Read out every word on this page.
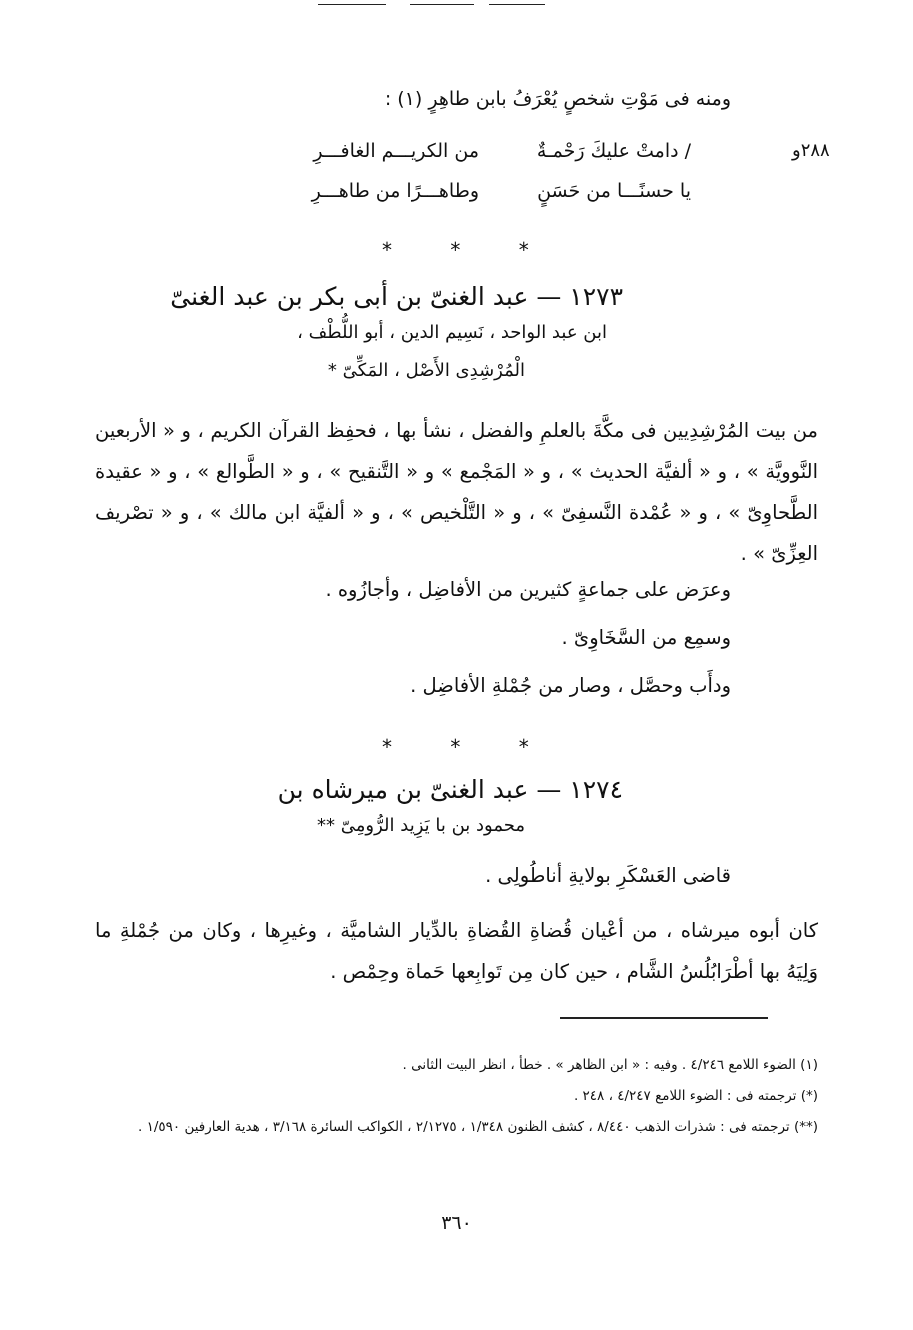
ومنه فى مَوْتِ شخصٍ يُعْرَفُ بابن طاهِرٍ (١) :
٢٨٨و
/ دامتْ عليكَ رَحْمـةٌ
من الكريـــم الغافـــرِ
يا حسنًـــا من حَسَنٍ
وطاهـــرًا من طاهـــرِ
* * *
١٢٧٣ — عبد الغنىّ بن أبى بكر بن عبد الغنىّ
ابن عبد الواحد ، نَسِيم الدين ، أبو اللُّطْف ،
الْمُرْشِدِى الأَصْل ، المَكِّىّ *
من بيت المُرْشِدِيين فى مكَّةَ بالعلمِ والفضل ، نشأ بها ، فحفِظ القرآن الكريم ، و « الأربعين النَّوويَّة » ، و « ألفيَّة الحديث » ، و « المَجْمع » و « التَّنقيح » ، و « الطَّوالع » ، و « عقيدة الطَّحاوِىّ » ، و « عُمْدة النَّسفِىّ » ، و « التَّلْخيص » ، و « ألفيَّة ابن مالك » ، و « تصْريف العِزِّىّ » .
وعرَض على جماعةٍ كثيرين من الأفاضِل ، وأجازُوه .
وسمِع من السَّخَاوِىّ .
ودأَب وحصَّل ، وصار من جُمْلةِ الأفاضِل .
* * *
١٢٧٤ — عبد الغنىّ بن ميرشاه بن
محمود بن با يَزِيد الرُّومِىّ **
قاضى العَسْكَرِ بولايةِ أناطُولِى .
كان أبوه ميرشاه ، من أعْيان قُضاةِ القُضاةِ بالدِّيار الشاميَّة ، وغيرِها ، وكان من جُمْلةِ ما وَلِيَهُ بها أطْرَابُلُسُ الشَّام ، حين كان مِن تَوابِعها حَماة وحِمْص .
(١) الضوء اللامع ٤/٢٤٦ . وفيه : « ابن الظاهر » . خطأ ، انظر البيت الثانى .
(*) ترجمته فى : الضوء اللامع ٤/٢٤٧ ، ٢٤٨ .
(**) ترجمته فى : شذرات الذهب ٨/٤٤٠ ، كشف الظنون ١/٣٤٨ ، ٢/١٢٧٥ ، الكواكب السائرة ٣/١٦٨ ، هدية العارفين ١/٥٩٠ .
٣٦٠
